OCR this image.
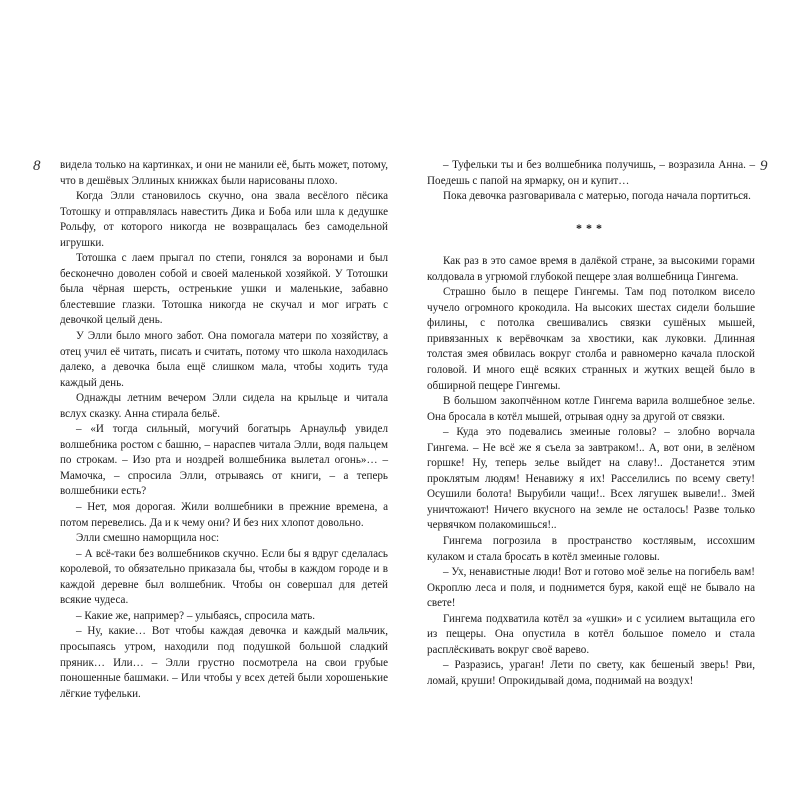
8	9

видела только на картинках, и они не манили её, быть может, потому, что в дешёвых Эллиных книжках были нарисованы плохо.

Когда Элли становилось скучно, она звала весёлого пёсика Тотошку и отправлялась навестить Дика и Боба или шла к дедушке Рольфу, от которого никогда не возвращалась без самодельной игрушки.

Тотошка с лаем прыгал по степи, гонялся за воронами и был бесконечно доволен собой и своей маленькой хозяйкой. У Тотошки была чёрная шерсть, остренькие ушки и маленькие, забавно блестевшие глазки. Тотошка никогда не скучал и мог играть с девочкой целый день.

У Элли было много забот. Она помогала матери по хозяйству, а отец учил её читать, писать и считать, потому что школа находилась далеко, а девочка была ещё слишком мала, чтобы ходить туда каждый день.

Однажды летним вечером Элли сидела на крыльце и читала вслух сказку. Анна стирала бельё.

– «И тогда сильный, могучий богатырь Арнаульф увидел волшебника ростом с башню, – нараспев читала Элли, водя пальцем по строкам. – Изо рта и ноздрей волшебника вылетал огонь»… – Мамочка, – спросила Элли, отрываясь от книги, – а теперь волшебники есть?

– Нет, моя дорогая. Жили волшебники в прежние времена, а потом перевелись. Да и к чему они? И без них хлопот довольно.

Элли смешно наморщила нос:

– А всё-таки без волшебников скучно. Если бы я вдруг сделалась королевой, то обязательно приказала бы, чтобы в каждом городе и в каждой деревне был волшебник. Чтобы он совершал для детей всякие чудеса.

– Какие же, например? – улыбаясь, спросила мать.

– Ну, какие… Вот чтобы каждая девочка и каждый мальчик, просыпаясь утром, находили под подушкой большой сладкий пряник… Или… – Элли грустно посмотрела на свои грубые поношенные башмаки. – Или чтобы у всех детей были хорошенькие лёгкие туфельки.

– Туфельки ты и без волшебника получишь, – возразила Анна. – Поедешь с папой на ярмарку, он и купит…

Пока девочка разговаривала с матерью, погода начала портиться.

***

Как раз в это самое время в далёкой стране, за высокими горами колдовала в угрюмой глубокой пещере злая волшебница Гингема.

Страшно было в пещере Гингемы. Там под потолком висело чучело огромного крокодила. На высоких шестах сидели большие филины, с потолка свешивались связки сушёных мышей, привязанных к верёвочкам за хвостики, как луковки. Длинная толстая змея обвилась вокруг столба и равномерно качала плоской головой. И много ещё всяких странных и жутких вещей было в обширной пещере Гингемы.

В большом закопчённом котле Гингема варила волшебное зелье. Она бросала в котёл мышей, отрывая одну за другой от связки.

– Куда это подевались змеиные головы? – злобно ворчала Гингема. – Не всё же я съела за завтраком!.. А, вот они, в зелёном горшке! Ну, теперь зелье выйдет на славу!.. Достанется этим проклятым людям! Ненавижу я их! Расселились по всему свету! Осушили болота! Вырубили чащи!.. Всех лягушек вывели!.. Змей уничтожают! Ничего вкусного на земле не осталось! Разве только червячком полакомишься!..

Гингема погрозила в пространство костлявым, иссохшим кулаком и стала бросать в котёл змеиные головы.

– Ух, ненавистные люди! Вот и готово моё зелье на погибель вам! Окроплю леса и поля, и поднимется буря, какой ещё не бывало на свете!

Гингема подхватила котёл за «ушки» и с усилием вытащила его из пещеры. Она опустила в котёл большое помело и стала расплёскивать вокруг своё варево.

– Разразись, ураган! Лети по свету, как бешеный зверь! Рви, ломай, круши! Опрокидывай дома, поднимай на воздух!
